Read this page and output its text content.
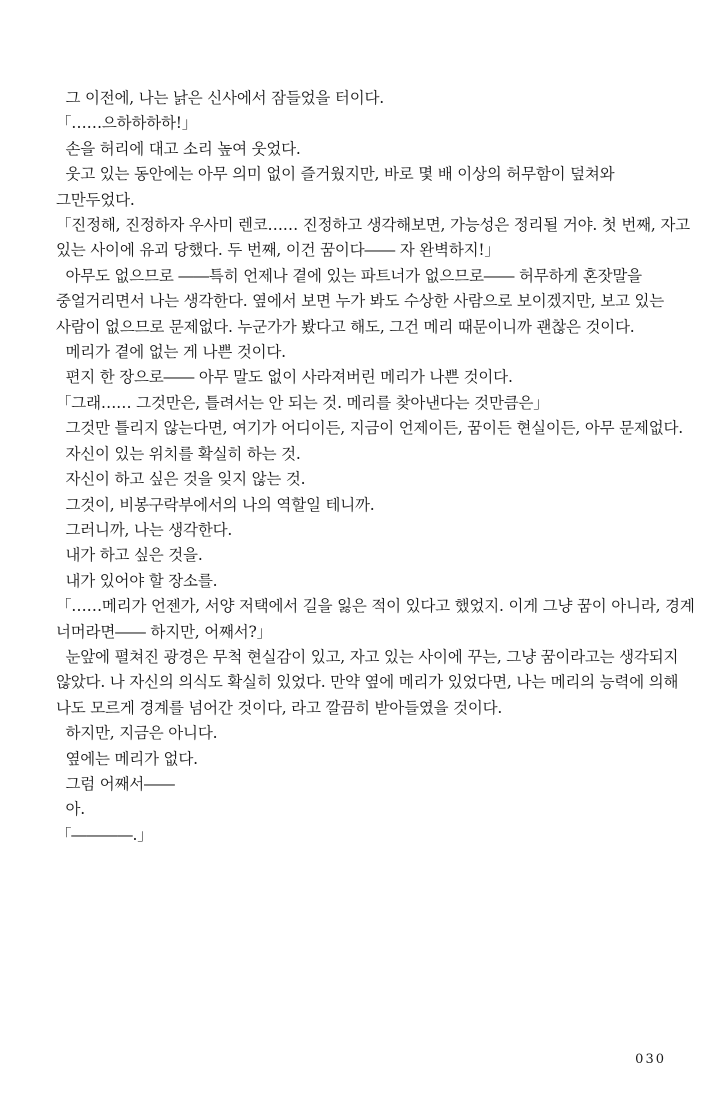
그 이전에, 나는 낡은 신사에서 잠들었을 터이다.

「……으하하하하!」

손을 허리에 대고 소리 높여 웃었다.

웃고 있는 동안에는 아무 의미 없이 즐거웠지만, 바로 몇 배 이상의 허무함이 덮쳐와 그만두었다.

「진정해, 진정하자 우사미 렌코…… 진정하고 생각해보면, 가능성은 정리될 거야. 첫 번째, 자고 있는 사이에 유괴 당했다. 두 번째, 이건 꿈이다―― 자 완벽하지!」

아무도 없으므로 ――특히 언제나 곁에 있는 파트너가 없으므로―― 허무하게 혼잣말을 중얼거리면서 나는 생각한다. 옆에서 보면 누가 봐도 수상한 사람으로 보이겠지만, 보고 있는 사람이 없으므로 문제없다. 누군가가 봤다고 해도, 그건 메리 때문이니까 괜찮은 것이다.

메리가 곁에 없는 게 나쁜 것이다.

편지 한 장으로―― 아무 말도 없이 사라져버린 메리가 나쁜 것이다.

「그래…… 그것만은, 틀려서는 안 되는 것. 메리를 찾아낸다는 것만큼은」

그것만 틀리지 않는다면, 여기가 어디이든, 지금이 언제이든, 꿈이든 현실이든, 아무 문제없다.

자신이 있는 위치를 확실히 하는 것.

자신이 하고 싶은 것을 잊지 않는 것.

그것이, 비봉구락부에서의 나의 역할일 테니까.

그러니까, 나는 생각한다.

내가 하고 싶은 것을.

내가 있어야 할 장소를.

「……메리가 언젠가, 서양 저택에서 길을 잃은 적이 있다고 했었지. 이게 그냥 꿈이 아니라, 경계 너머라면―― 하지만, 어째서?」

눈앞에 펼쳐진 광경은 무척 현실감이 있고, 자고 있는 사이에 꾸는, 그냥 꿈이라고는 생각되지 않았다. 나 자신의 의식도 확실히 있었다. 만약 옆에 메리가 있었다면, 나는 메리의 능력에 의해 나도 모르게 경계를 넘어간 것이다, 라고 깔끔히 받아들였을 것이다.

하지만, 지금은 아니다.

옆에는 메리가 없다.

그럼 어째서――

아.

「――――.」

030
